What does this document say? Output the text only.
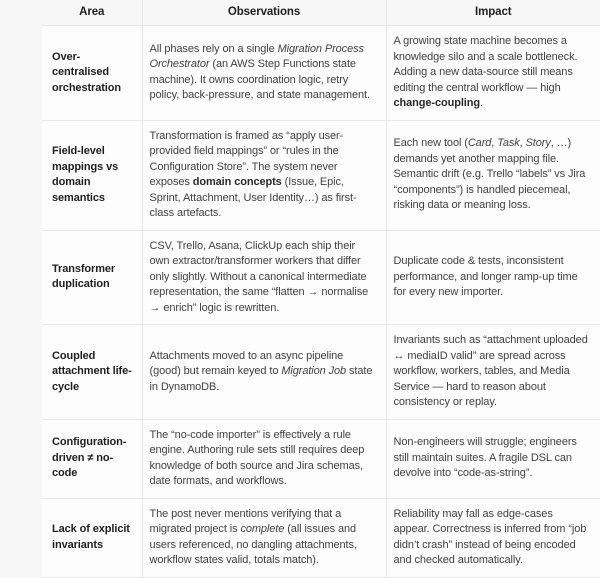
Area	Observations	Impact
Over-centralised orchestration	All phases rely on a single Migration Process Orchestrator (an AWS Step Functions state machine). It owns coordination logic, retry policy, back-pressure, and state management.	A growing state machine becomes a knowledge silo and a scale bottleneck. Adding a new data-source still means editing the central workflow — high change-coupling.
Field-level mappings vs domain semantics	Transformation is framed as “apply user-provided field mappings” or “rules in the Configuration Store”. The system never exposes domain concepts (Issue, Epic, Sprint, Attachment, User Identity…) as first-class artefacts.	Each new tool (Card, Task, Story, …) demands yet another mapping file. Semantic drift (e.g. Trello “labels” vs Jira “components”) is handled piecemeal, risking data or meaning loss.
Transformer duplication	CSV, Trello, Asana, ClickUp each ship their own extractor/transformer workers that differ only slightly. Without a canonical intermediate representation, the same “flatten → normalise → enrich” logic is rewritten.	Duplicate code & tests, inconsistent performance, and longer ramp-up time for every new importer.
Coupled attachment life-cycle	Attachments moved to an async pipeline (good) but remain keyed to Migration Job state in DynamoDB.	Invariants such as “attachment uploaded ↔ mediaID valid” are spread across workflow, workers, tables, and Media Service — hard to reason about consistency or replay.
Configuration-driven ≠ no-code	The “no-code importer” is effectively a rule engine. Authoring rule sets still requires deep knowledge of both source and Jira schemas, date formats, and workflows.	Non-engineers will struggle; engineers still maintain suites. A fragile DSL can devolve into “code-as-string”.
Lack of explicit invariants	The post never mentions verifying that a migrated project is complete (all issues and users referenced, no dangling attachments, workflow states valid, totals match).	Reliability may fall as edge-cases appear. Correctness is inferred from “job didn’t crash” instead of being encoded and checked automatically.
